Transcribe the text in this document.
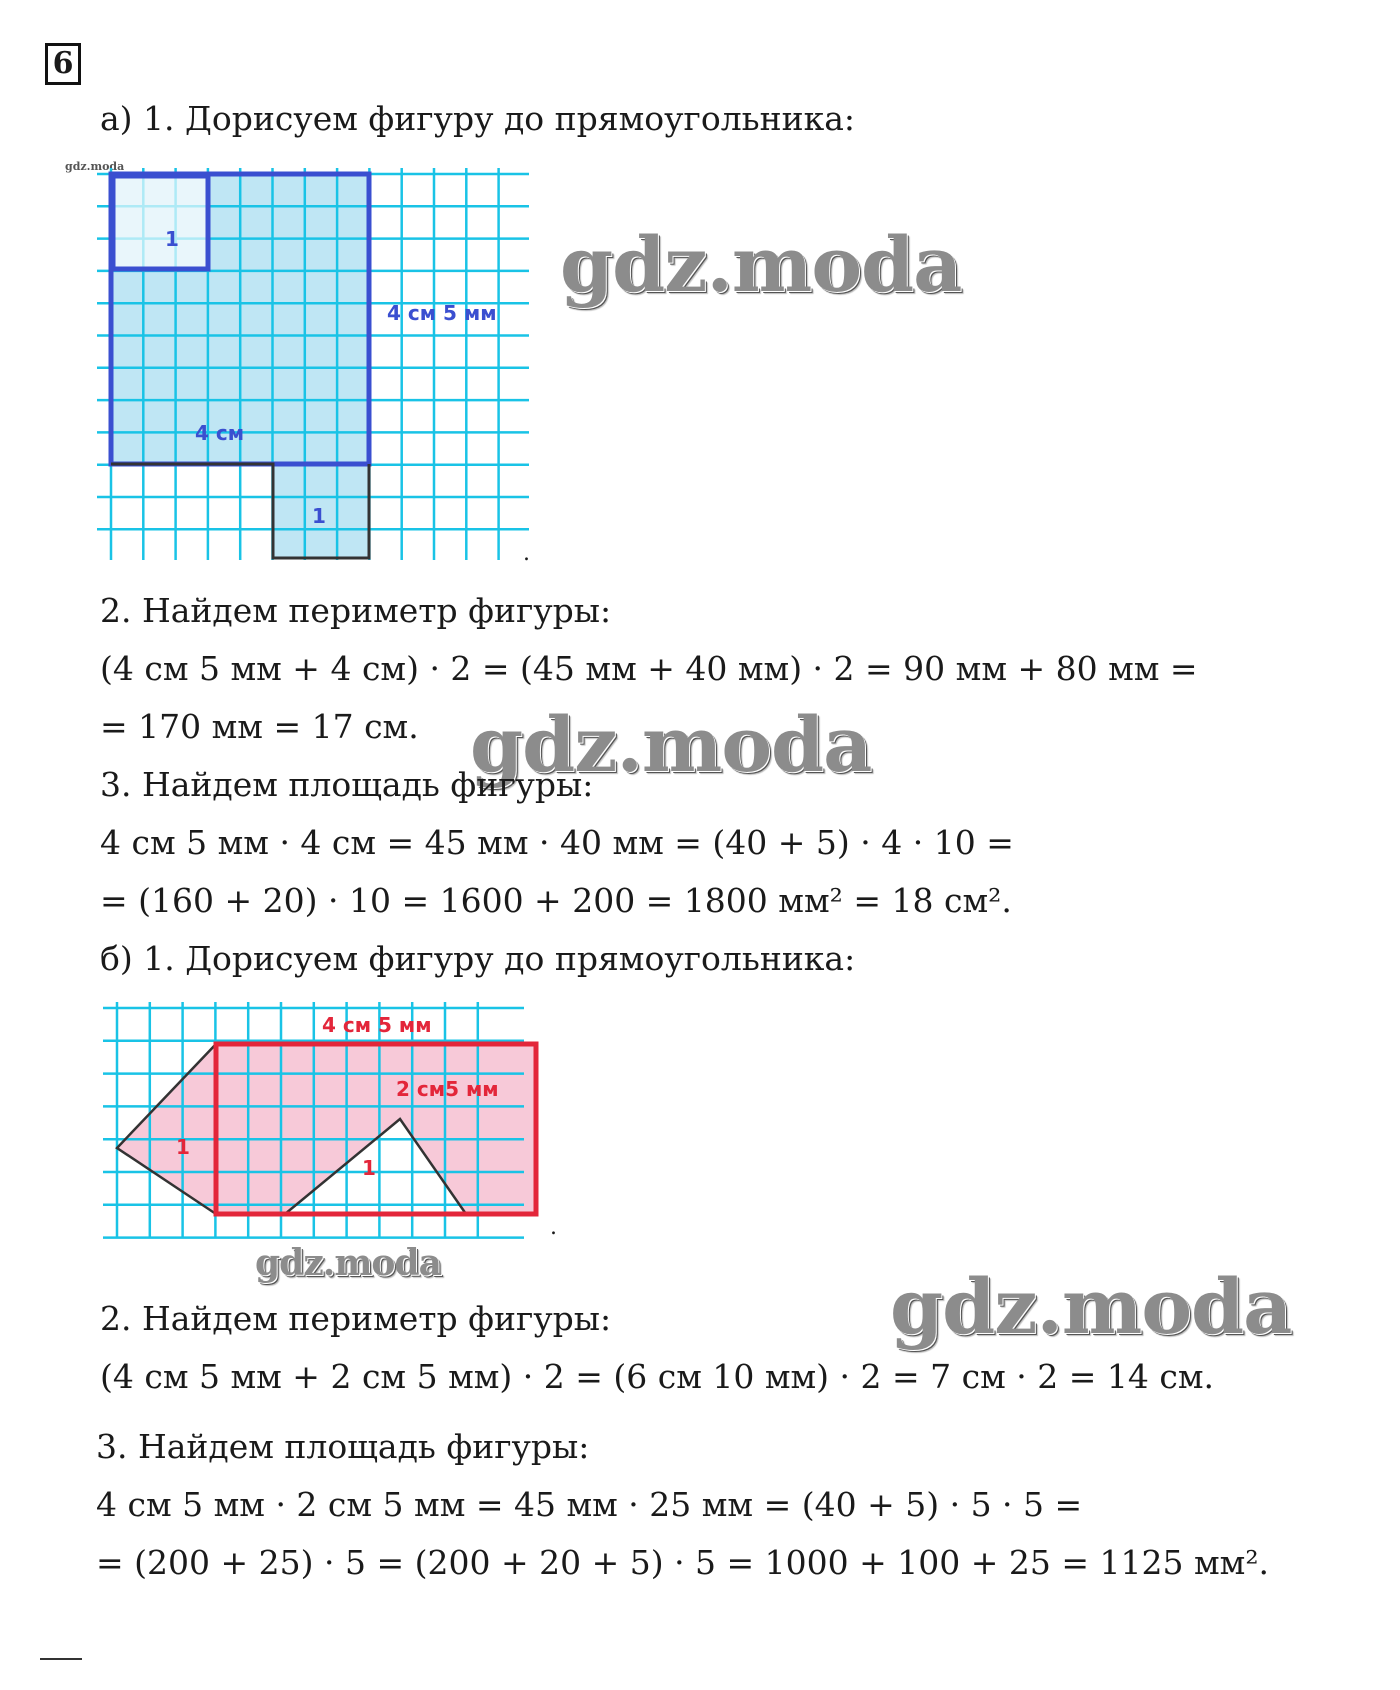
6
а) 1. Дорисуем фигуру до прямоугольника:
gdz.moda
1
1
4 см 5 мм
4 см
.
gdz.moda
2. Найдем периметр фигуры:
(4 см 5 мм + 4 см) · 2 = (45 мм + 40 мм) · 2 = 90 мм + 80 мм =
= 170 мм = 17 см. gdz.moda
3. Найдем площадь фигуры:
4 см 5 мм · 4 см = 45 мм · 40 мм = (40 + 5) · 4 · 10 =
= (160 + 20) · 10 = 1600 + 200 = 1800 мм² = 18 см².
б) 1. Дорисуем фигуру до прямоугольника:
4 см 5 мм
2 см5 мм
1
1
.
gdz.moda	gdz.moda
2. Найдем периметр фигуры:
(4 см 5 мм + 2 см 5 мм) · 2 = (6 см 10 мм) · 2 = 7 см · 2 = 14 см.
3. Найдем площадь фигуры:
4 см 5 мм · 2 см 5 мм = 45 мм · 25 мм = (40 + 5) · 5 · 5 =
= (200 + 25) · 5 = (200 + 20 + 5) · 5 = 1000 + 100 + 25 = 1125 мм².
